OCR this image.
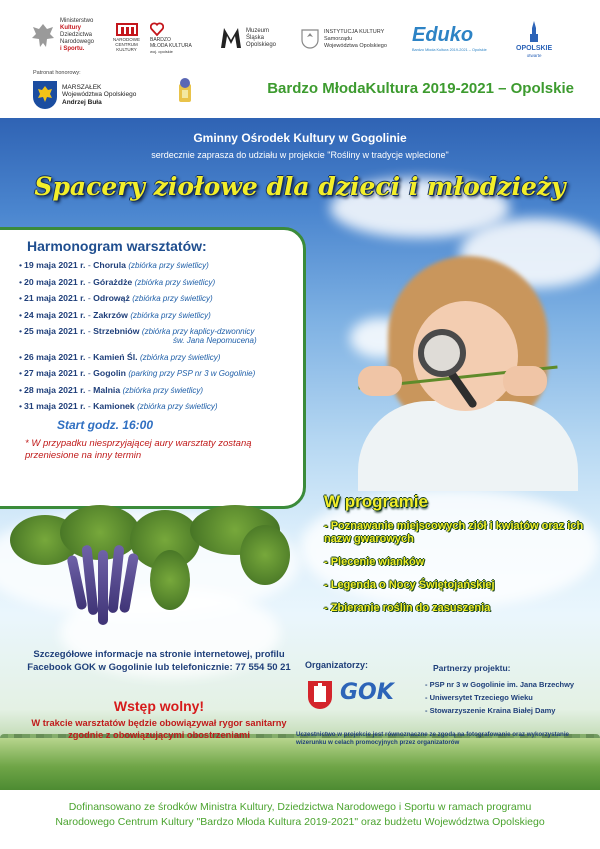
Ministerstwo
Kultury
Dziedzictwa
Narodowego
i Sportu.
NARODOWE
CENTRUM
KULTURY
BARDZO
MŁODA KULTURA
woj. opolskie
Muzeum
Śląska
Opolskiego
INSTYTUCJA KULTURY
Samorządu
Województwa Opolskiego Eduko
Bardzo Młoda Kultura 2019-2021 – Opolskie	OPOLSKIE
otwarte
Patronat honorowy:
MARSZAŁEK
Województwa Opolskiego
Andrzej Buła
Bardzo MłodaKultura 2019-2021 – Opolskie
Gminny Ośrodek Kultury w Gogolinie
serdecznie zaprasza do udziału w projekcie "Rośliny w tradycje wplecione"
Spacery ziołowe dla dzieci i młodzieży
Harmonogram warsztatów:
• 19 maja 2021 r. - Chorula (zbiórka przy świetlicy)
• 20 maja 2021 r. - Górażdże (zbiórka przy świetlicy)
• 21 maja 2021 r. - Odrowąż (zbiórka przy świetlicy)
• 24 maja 2021 r. - Zakrzów (zbiórka przy świetlicy)
• 25 maja 2021 r. - Strzebniów (zbiórka przy kaplicy-dzwonnicy
św. Jana Nepomucena)
• 26 maja 2021 r. - Kamień Śl. (zbiórka przy świetlicy)
• 27 maja 2021 r. - Gogolin (parking przy PSP nr 3 w Gogolinie)
• 28 maja 2021 r. - Malnia (zbiórka przy świetlicy)
• 31 maja 2021 r. - Kamionek (zbiórka przy świetlicy)
Start godz. 16:00
* W przypadku niesprzyjającej aury warsztaty zostaną przeniesione na inny termin
W programie
- Poznawanie miejscowych ziół i kwiatów oraz ich nazw gwarowych
- Plecenie wianków
- Legenda o Nocy Świętojańskiej
- Zbieranie roślin do zasuszenia
Szczegółowe informacje na stronie internetowej, profilu Facebook GOK w Gogolinie lub telefonicznie: 77 554 50 21
Wstęp wolny!
W trakcie warsztatów będzie obowiązywał rygor sanitarny zgodnie z obowiązującymi obostrzeniami
Organizatorzy:
GOK
Partnerzy projektu:
- PSP nr 3 w Gogolinie im. Jana Brzechwy
- Uniwersytet Trzeciego Wieku
- Stowarzyszenie Kraina Białej Damy
Uczestnictwo w projekcie jest równoznaczne ze zgodą na fotografowanie oraz wykorzystanie wizerunku w celach promocyjnych przez organizatorów
Dofinansowano ze środków Ministra Kultury, Dziedzictwa Narodowego i Sportu w ramach programu
Narodowego Centrum Kultury "Bardzo Młoda Kultura 2019-2021" oraz budżetu Województwa Opolskiego
